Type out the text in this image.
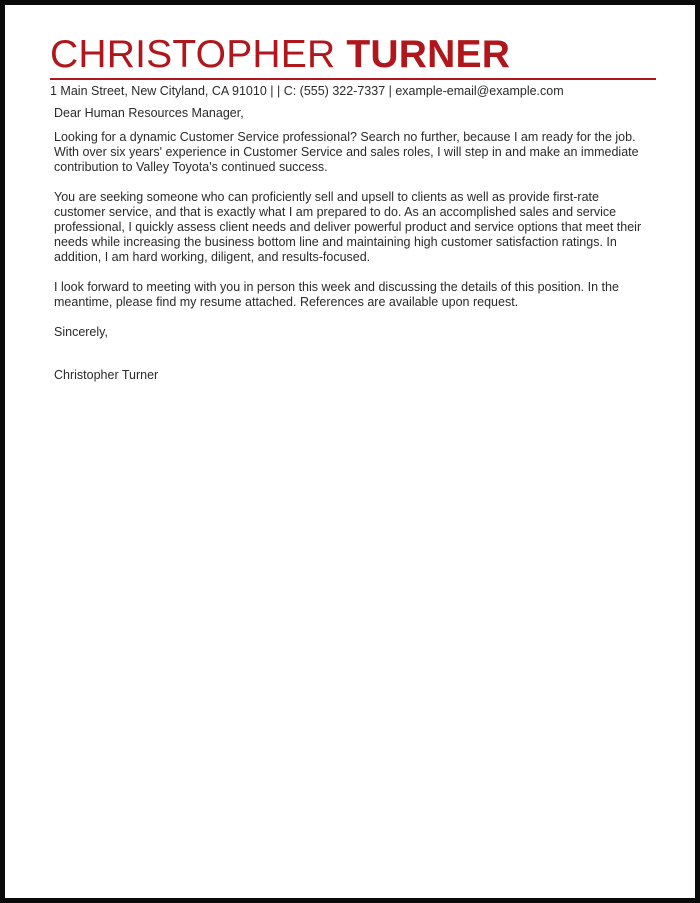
CHRISTOPHER TURNER
1 Main Street, New Cityland, CA 91010 | | C: (555) 322-7337 | example-email@example.com

Dear Human Resources Manager,

Looking for a dynamic Customer Service professional? Search no further, because I am ready for the job. With over six years' experience in Customer Service and sales roles, I will step in and make an immediate contribution to Valley Toyota's continued success.

You are seeking someone who can proficiently sell and upsell to clients as well as provide first-rate customer service, and that is exactly what I am prepared to do. As an accomplished sales and service professional, I quickly assess client needs and deliver powerful product and service options that meet their needs while increasing the business bottom line and maintaining high customer satisfaction ratings. In addition, I am hard working, diligent, and results-focused.

I look forward to meeting with you in person this week and discussing the details of this position. In the meantime, please find my resume attached. References are available upon request.

Sincerely,

Christopher Turner
